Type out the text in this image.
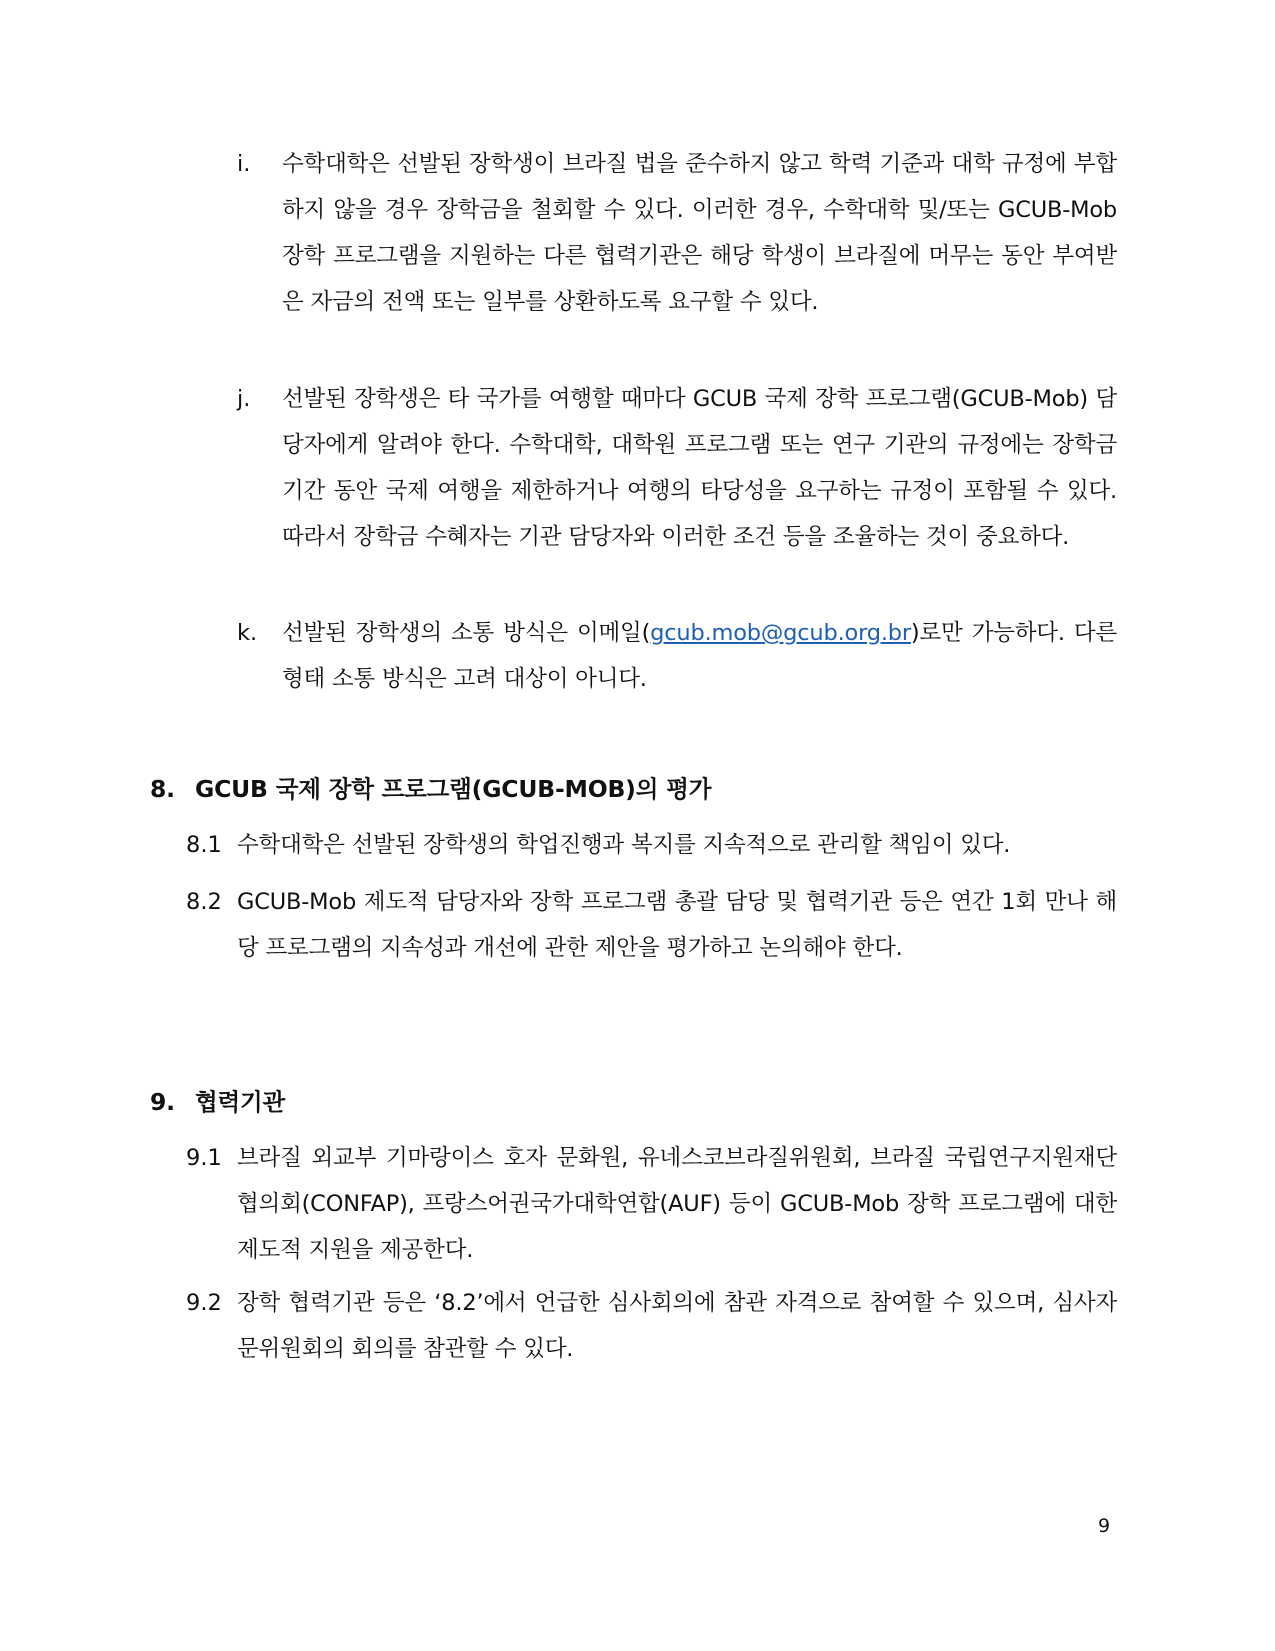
i. 수학대학은 선발된 장학생이 브라질 법을 준수하지 않고 학력 기준과 대학 규정에 부합하지 않을 경우 장학금을 철회할 수 있다. 이러한 경우, 수학대학 및/또는 GCUB-Mob 장학 프로그램을 지원하는 다른 협력기관은 해당 학생이 브라질에 머무는 동안 부여받은 자금의 전액 또는 일부를 상환하도록 요구할 수 있다.
j. 선발된 장학생은 타 국가를 여행할 때마다 GCUB 국제 장학 프로그램(GCUB-Mob) 담당자에게 알려야 한다. 수학대학, 대학원 프로그램 또는 연구 기관의 규정에는 장학금 기간 동안 국제 여행을 제한하거나 여행의 타당성을 요구하는 규정이 포함될 수 있다. 따라서 장학금 수혜자는 기관 담당자와 이러한 조건 등을 조율하는 것이 중요하다.
k. 선발된 장학생의 소통 방식은 이메일(gcub.mob@gcub.org.br)로만 가능하다. 다른 형태 소통 방식은 고려 대상이 아니다.
8. GCUB 국제 장학 프로그램(GCUB-MOB)의 평가
8.1 수학대학은 선발된 장학생의 학업진행과 복지를 지속적으로 관리할 책임이 있다.
8.2 GCUB-Mob 제도적 담당자와 장학 프로그램 총괄 담당 및 협력기관 등은 연간 1회 만나 해당 프로그램의 지속성과 개선에 관한 제안을 평가하고 논의해야 한다.
9. 협력기관
9.1 브라질 외교부 기마랑이스 호자 문화원, 유네스코브라질위원회, 브라질 국립연구지원재단협의회(CONFAP), 프랑스어권국가대학연합(AUF) 등이 GCUB-Mob 장학 프로그램에 대한 제도적 지원을 제공한다.
9.2 장학 협력기관 등은 ‘8.2’에서 언급한 심사회의에 참관 자격으로 참여할 수 있으며, 심사자문위원회의 회의를 참관할 수 있다.
9
